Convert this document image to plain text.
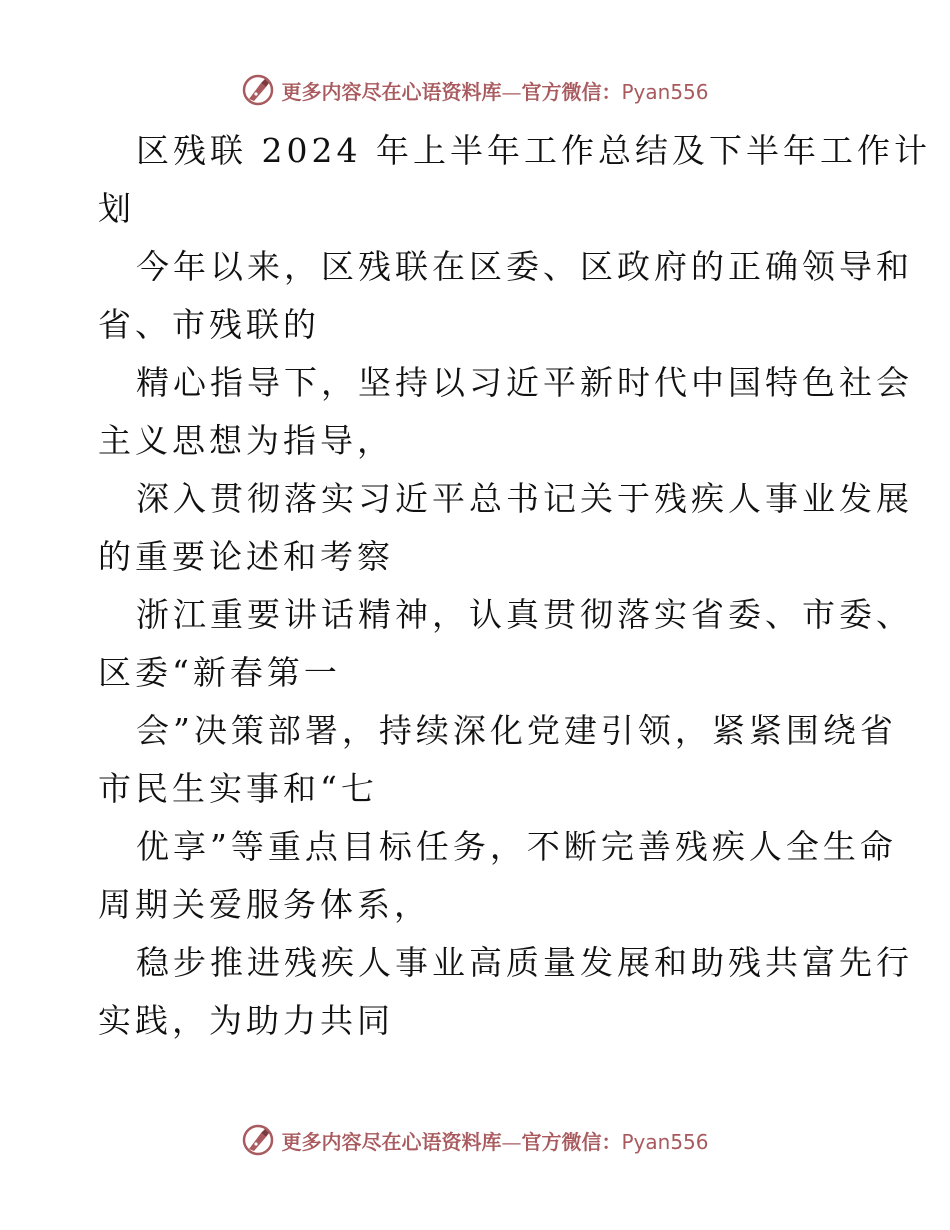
更多内容尽在心语资料库—官方微信：Pyan556
区残联 2024 年上半年工作总结及下半年工作计
划
今年以来，区残联在区委、区政府的正确领导和
省、市残联的
精心指导下，坚持以习近平新时代中国特色社会
主义思想为指导，
深入贯彻落实习近平总书记关于残疾人事业发展
的重要论述和考察
浙江重要讲话精神，认真贯彻落实省委、市委、
区委“新春第一
会”决策部署，持续深化党建引领，紧紧围绕省
市民生实事和“七
优享”等重点目标任务，不断完善残疾人全生命
周期关爱服务体系，
稳步推进残疾人事业高质量发展和助残共富先行
实践，为助力共同
更多内容尽在心语资料库—官方微信：Pyan556
